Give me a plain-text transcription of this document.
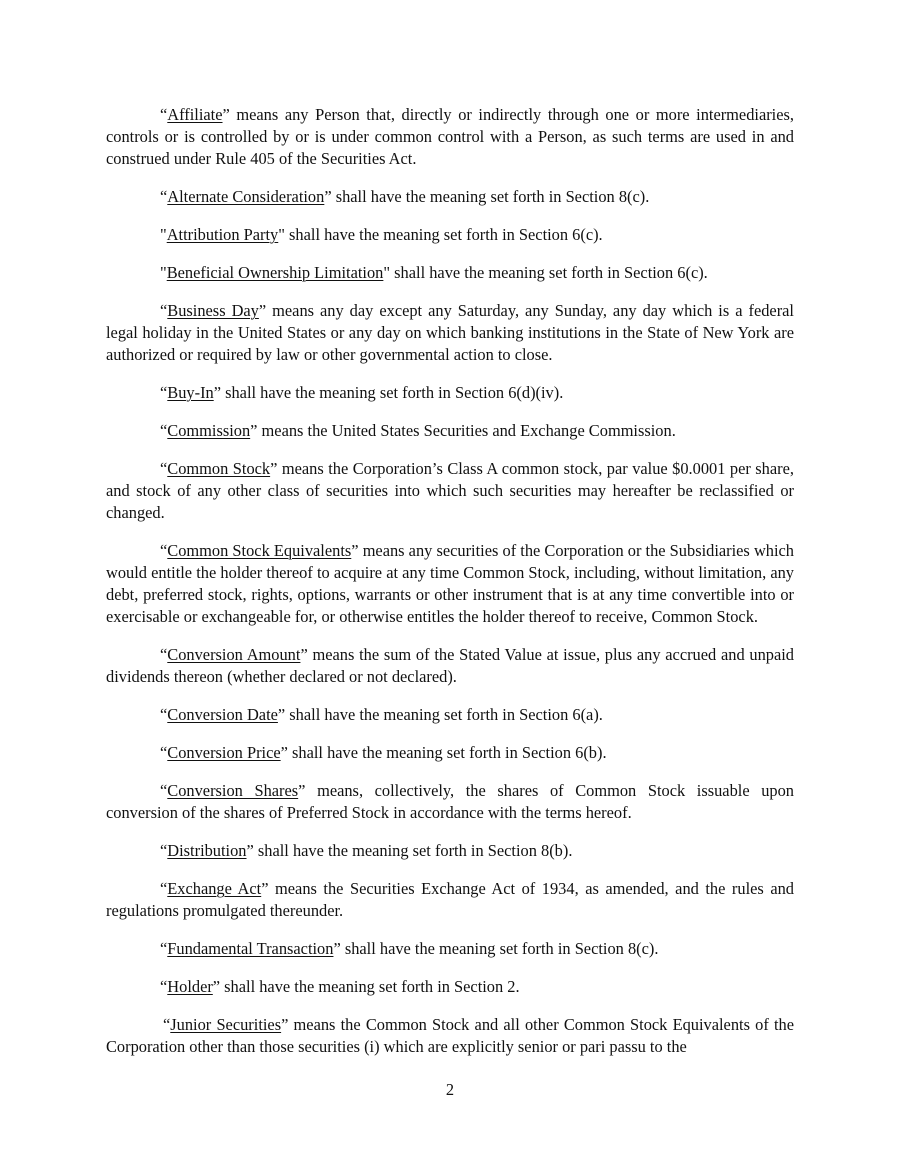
“Affiliate” means any Person that, directly or indirectly through one or more intermediaries, controls or is controlled by or is under common control with a Person, as such terms are used in and construed under Rule 405 of the Securities Act.

“Alternate Consideration” shall have the meaning set forth in Section 8(c).

"Attribution Party" shall have the meaning set forth in Section 6(c).

"Beneficial Ownership Limitation" shall have the meaning set forth in Section 6(c).

“Business Day” means any day except any Saturday, any Sunday, any day which is a federal legal holiday in the United States or any day on which banking institutions in the State of New York are authorized or required by law or other governmental action to close.

“Buy-In” shall have the meaning set forth in Section 6(d)(iv).

“Commission” means the United States Securities and Exchange Commission.

“Common Stock” means the Corporation’s Class A common stock, par value $0.0001 per share, and stock of any other class of securities into which such securities may hereafter be reclassified or changed.

“Common Stock Equivalents” means any securities of the Corporation or the Subsidiaries which would entitle the holder thereof to acquire at any time Common Stock, including, without limitation, any debt, preferred stock, rights, options, warrants or other instrument that is at any time convertible into or exercisable or exchangeable for, or otherwise entitles the holder thereof to receive, Common Stock.

“Conversion Amount” means the sum of the Stated Value at issue, plus any accrued and unpaid dividends thereon (whether declared or not declared).

“Conversion Date” shall have the meaning set forth in Section 6(a).

“Conversion Price” shall have the meaning set forth in Section 6(b).

“Conversion Shares” means, collectively, the shares of Common Stock issuable upon conversion of the shares of Preferred Stock in accordance with the terms hereof.

“Distribution” shall have the meaning set forth in Section 8(b).

“Exchange Act” means the Securities Exchange Act of 1934, as amended, and the rules and regulations promulgated thereunder.

“Fundamental Transaction” shall have the meaning set forth in Section 8(c).

“Holder” shall have the meaning set forth in Section 2.

“Junior Securities” means the Common Stock and all other Common Stock Equivalents of the Corporation other than those securities (i) which are explicitly senior or pari passu to the

2
